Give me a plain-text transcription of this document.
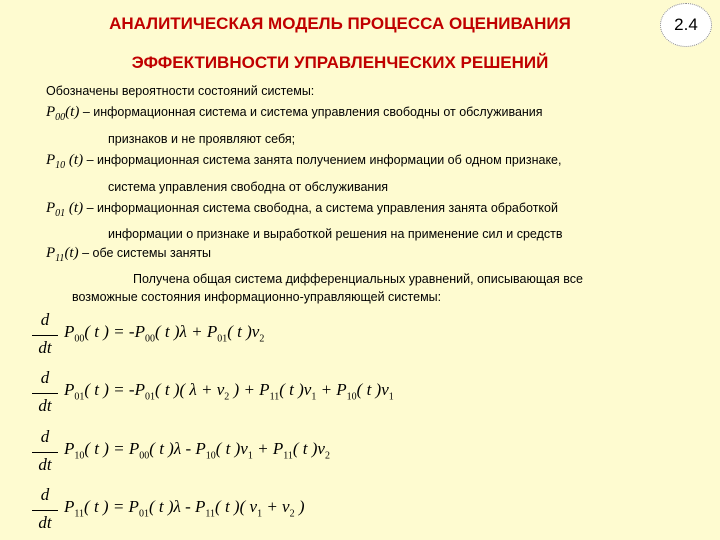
АНАЛИТИЧЕСКАЯ МОДЕЛЬ ПРОЦЕССА ОЦЕНИВАНИЯ
ЭФФЕКТИВНОСТИ УПРАВЛЕНЧЕСКИХ РЕШЕНИЙ
2.4
Обозначены вероятности состояний системы:
$P_{00}(t)$ – информационная система и система управления свободны от обслуживания
признаков и не проявляют себя;
$P_{10}$ (t) – информационная система занята получением информации об одном признаке,
система управления свободна от обслуживания
$P_{01}$ (t) – информационная система свободна, а система управления занята обработкой
информации о признаке и выработкой решения на применение сил и средств
$P_{11}(t)$ – обе системы заняты
Получена общая система дифференциальных уравнений, описывающая все
возможные состояния информационно-управляющей системы:
d
dt
$P_{00}$( t ) = $-P_{00}$( t )$\lambda + P_{01}$( t )$\nu_2$
d
dt
$P_{01}$( t ) = $-P_{01}$( t )( $\lambda + \nu_2$ ) + $P_{11}$( t )$\nu_1 + P_{10}$( t )$\nu_1$
d
dt
$P_{10}$( t ) = $P_{00}$( t )$\lambda - P_{10}$( t )$\nu_1 + P_{11}$( t )$\nu_2$
d
dt
$P_{11}$( t ) = $P_{01}$( t )$\lambda - P_{11}$( t )( $\nu_1 + \nu_2$ )
